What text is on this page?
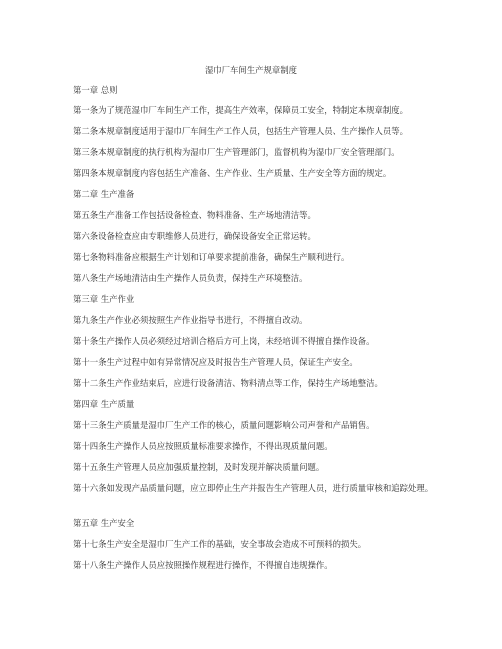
湿巾厂车间生产规章制度
第一章 总则
第一条为了规范湿巾厂车间生产工作，提高生产效率，保障员工安全，特制定本规章制度。
第二条本规章制度适用于湿巾厂车间生产工作人员，包括生产管理人员、生产操作人员等。
第三条本规章制度的执行机构为湿巾厂生产管理部门，监督机构为湿巾厂安全管理部门。
第四条本规章制度内容包括生产准备、生产作业、生产质量、生产安全等方面的规定。
第二章 生产准备
第五条生产准备工作包括设备检查、物料准备、生产场地清洁等。
第六条设备检查应由专职维修人员进行，确保设备安全正常运转。
第七条物料准备应根据生产计划和订单要求提前准备，确保生产顺利进行。
第八条生产场地清洁由生产操作人员负责，保持生产环境整洁。
第三章 生产作业
第九条生产作业必须按照生产作业指导书进行，不得擅自改动。
第十条生产操作人员必须经过培训合格后方可上岗，未经培训不得擅自操作设备。
第十一条生产过程中如有异常情况应及时报告生产管理人员，保证生产安全。
第十二条生产作业结束后，应进行设备清洁、物料清点等工作，保持生产场地整洁。
第四章 生产质量
第十三条生产质量是湿巾厂生产工作的核心，质量问题影响公司声誉和产品销售。
第十四条生产操作人员应按照质量标准要求操作，不得出现质量问题。
第十五条生产管理人员应加强质量控制，及时发现并解决质量问题。
第十六条如发现产品质量问题，应立即停止生产并报告生产管理人员，进行质量审核和追踪处理。
第五章 生产安全
第十七条生产安全是湿巾厂生产工作的基础，安全事故会造成不可预料的损失。
第十八条生产操作人员应按照操作规程进行操作，不得擅自违规操作。
